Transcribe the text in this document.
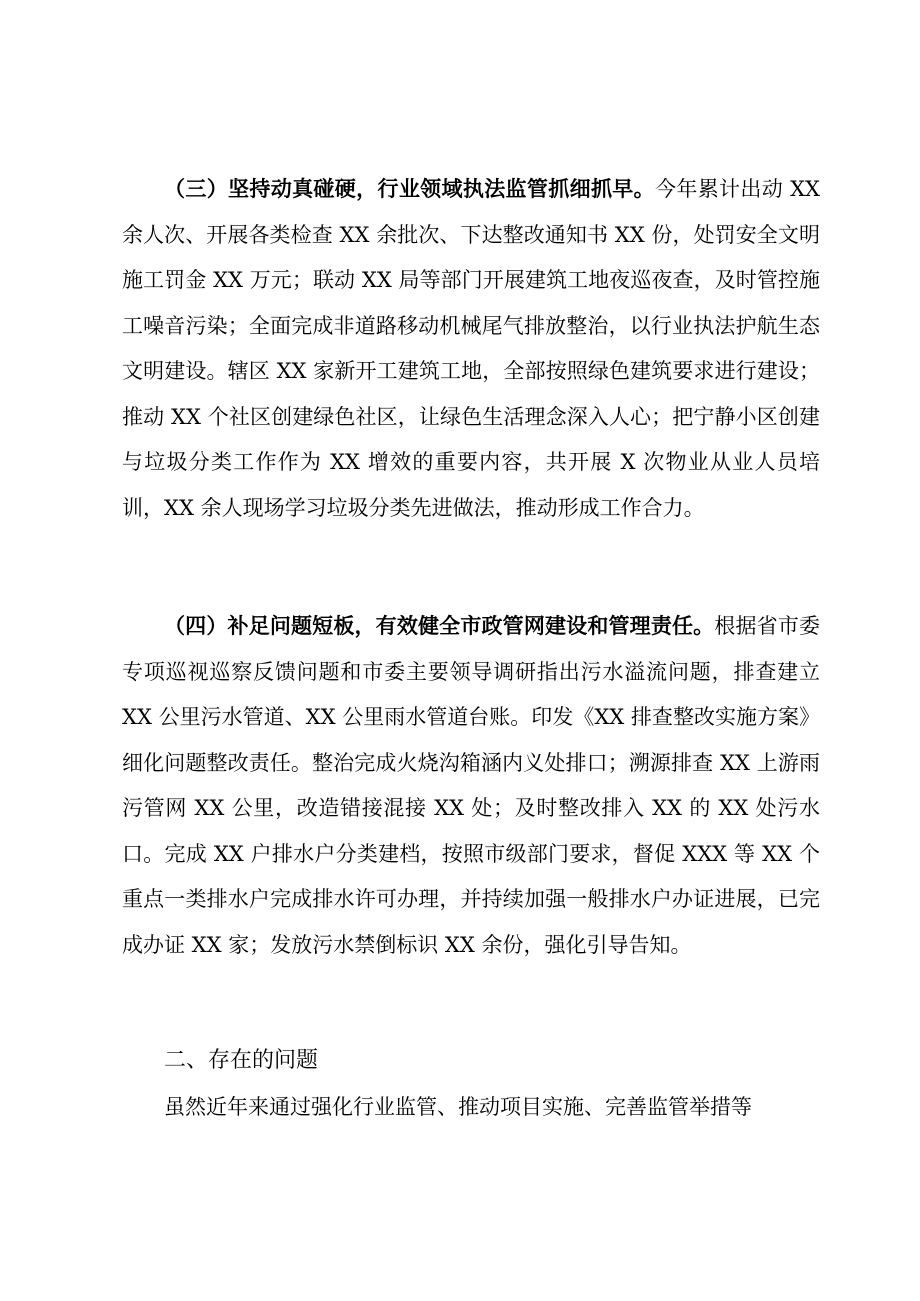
（三）坚持动真碰硬，行业领域执法监管抓细抓早。今年累计出动 XX 余人次、开展各类检查 XX 余批次、下达整改通知书 XX 份，处罚安全文明施工罚金 XX 万元；联动 XX 局等部门开展建筑工地夜巡夜查，及时管控施工噪音污染；全面完成非道路移动机械尾气排放整治，以行业执法护航生态文明建设。辖区 XX 家新开工建筑工地，全部按照绿色建筑要求进行建设；推动 XX 个社区创建绿色社区，让绿色生活理念深入人心；把宁静小区创建与垃圾分类工作作为 XX 增效的重要内容，共开展 X 次物业从业人员培训，XX 余人现场学习垃圾分类先进做法，推动形成工作合力。

（四）补足问题短板，有效健全市政管网建设和管理责任。根据省市委专项巡视巡察反馈问题和市委主要领导调研指出污水溢流问题，排查建立 XX 公里污水管道、XX 公里雨水管道台账。印发《XX 排查整改实施方案》细化问题整改责任。整治完成火烧沟箱涵内义处排口；溯源排查 XX 上游雨污管网 XX 公里，改造错接混接 XX 处；及时整改排入 XX 的 XX 处污水口。完成 XX 户排水户分类建档，按照市级部门要求，督促 XXX 等 XX 个重点一类排水户完成排水许可办理，并持续加强一般排水户办证进展，已完成办证 XX 家；发放污水禁倒标识 XX 余份，强化引导告知。

二、存在的问题

虽然近年来通过强化行业监管、推动项目实施、完善监管举措等
